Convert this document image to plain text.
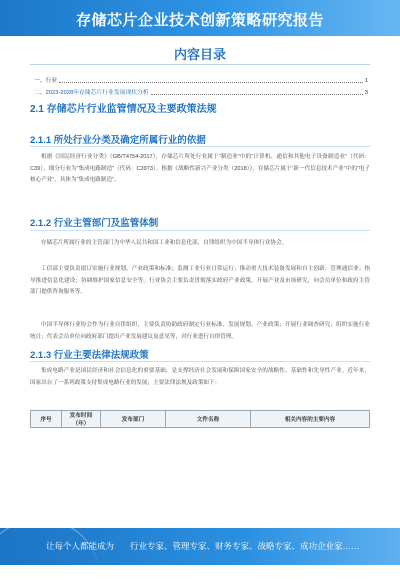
存储芯片企业技术创新策略研究报告
内容目录
一、行业	1
二、2023-2028年存储芯片行业发展现状分析	3
2.1 存储芯片行业监管情况及主要政策法规
2.1.1 所处行业分类及确定所属行业的依据
根据《国民经济行业分类》（GB/T4754-2017），存储芯片所处行业属于“制造业”中的“计算机、通信和其他电子设备制造业”（代码：C39），细分行业为“集成电路制造”（代码：C3973）。根据《战略性新兴产业分类（2018）》，存储芯片属于“新一代信息技术产业”中的“电子核心产业”，具体为“集成电路制造”。
2.1.2 行业主管部门及监管体制
存储芯片所属行业的主管部门为中华人民共和国工业和信息化部，自律组织为中国半导体行业协会。
工信部主要负责拟订实施行业规划、产业政策和标准；监测工业行业日常运行；推动重大技术装备发展和自主创新；管理通信业；指导推进信息化建设；协调维护国家信息安全等。行业协会主要负责贯彻落实政府产业政策，开展产业及市场研究，向会员单位和政府主管部门提供咨询服务等。
中国半导体行业协会作为行业自律组织，主要负责协助政府制定行业标准、发展规划、产业政策；开展行业调查研究；组织实施行业统计；代表会员单位向政府部门提出产业发展建议及意见等，对行业进行自律管理。
2.1.3 行业主要法律法规政策
集成电路产业是国民经济和社会信息化的重要基础，是支撑经济社会发展和保障国家安全的战略性、基础性和先导性产业。近年来，国家出台了一系列政策支持集成电路行业的发展，主要法律法规及政策如下：
序号	发布时间（年）	发布部门	文件名称	相关内容的主要内容
让每个人都能成为 行业专家、管理专家、财务专家、战略专家、成功企业家……
